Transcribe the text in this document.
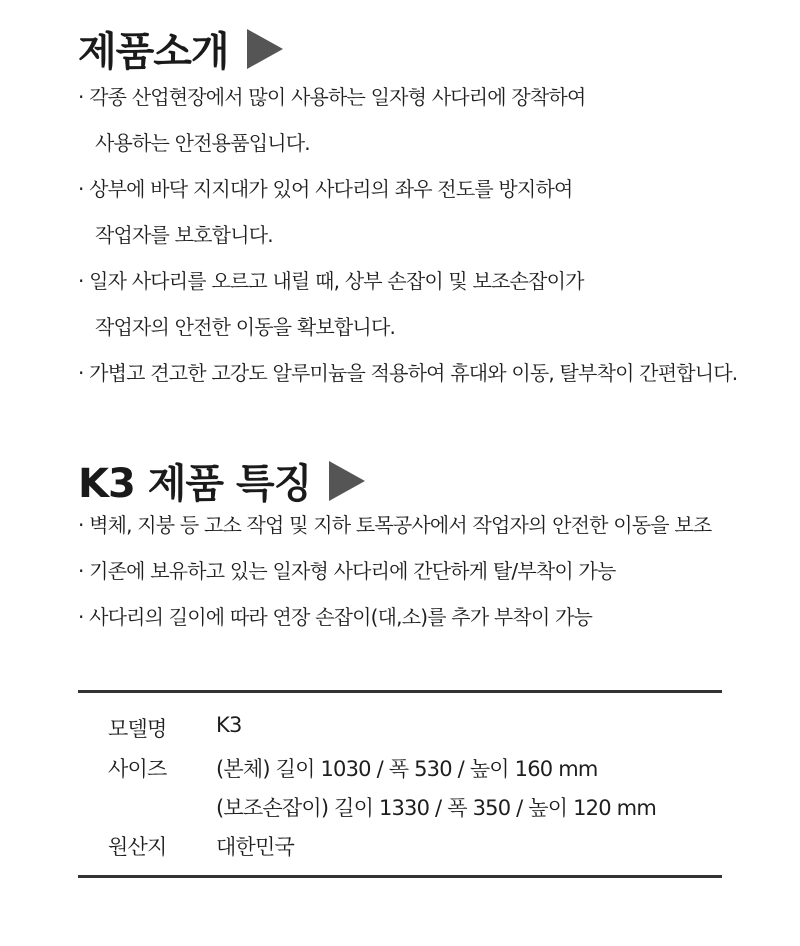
제품소개
· 각종 산업현장에서 많이 사용하는 일자형 사다리에 장착하여
사용하는 안전용품입니다.
· 상부에 바닥 지지대가 있어 사다리의 좌우 전도를 방지하여
작업자를 보호합니다.
· 일자 사다리를 오르고 내릴 때, 상부 손잡이 및 보조손잡이가
작업자의 안전한 이동을 확보합니다.
· 가볍고 견고한 고강도 알루미늄을 적용하여 휴대와 이동, 탈부착이 간편합니다.
K3 제품 특징
· 벽체, 지붕 등 고소 작업 및 지하 토목공사에서 작업자의 안전한 이동을 보조
· 기존에 보유하고 있는 일자형 사다리에 간단하게 탈/부착이 가능
· 사다리의 길이에 따라 연장 손잡이(대,소)를 추가 부착이 가능
모델명 K3
사이즈 (본체) 길이 1030 / 폭 530 / 높이 160 mm
(보조손잡이) 길이 1330 / 폭 350 / 높이 120 mm
원산지 대한민국
